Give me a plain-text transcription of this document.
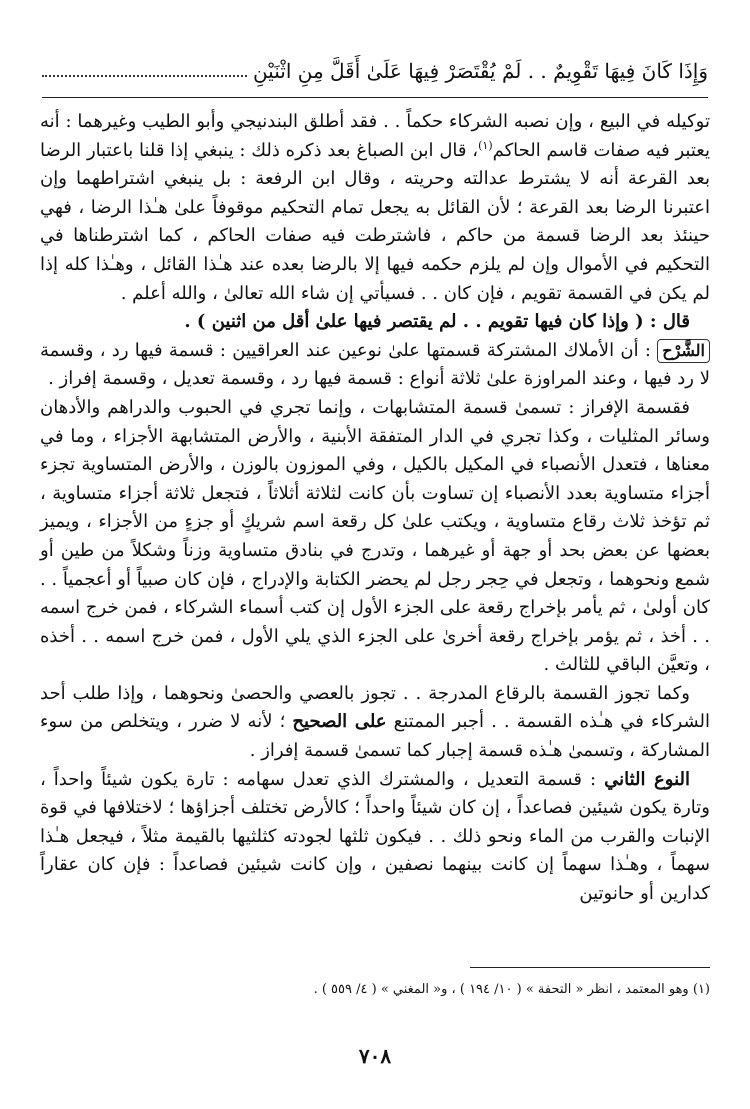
وَإِذَا كَانَ فِيهَا تَقْوِيمٌ . . لَمْ يُقْتَصَرْ فِيهَا عَلَىٰ أَقَلَّ مِنِ اثْنَيْنِ

توكيله في البيع ، وإن نصبه الشركاء حكماً . . فقد أطلق البندنيجي وأبو الطيب وغيرهما : أنه يعتبر فيه صفات قاسم الحاكم$^{(١)}$، قال ابن الصباغ بعد ذكره ذلك : ينبغي إذا قلنا باعتبار الرضا بعد القرعة أنه لا يشترط عدالته وحريته ، وقال ابن الرفعة : بل ينبغي اشتراطهما وإن اعتبرنا الرضا بعد القرعة ؛ لأن القائل به يجعل تمام التحكيم موقوفاً علىٰ هـٰذا الرضا ، فهي حينئذ بعد الرضا قسمة من حاكم ، فاشترطت فيه صفات الحاكم ، كما اشترطناها في التحكيم في الأموال وإن لم يلزم حكمه فيها إلا بالرضا بعده عند هـٰذا القائل ، وهـٰذا كله إذا لم يكن في القسمة تقويم ، فإن كان . . فسيأتي إن شاء الله تعالىٰ ، والله أعلم .

قال : ( وإذا كان فيها تقويم . . لم يقتصر فيها علىٰ أقل من اثنين ) .

الشَّرْح : أن الأملاك المشتركة قسمتها علىٰ نوعين عند العراقيين : قسمة فيها رد ، وقسمة لا رد فيها ، وعند المراوزة علىٰ ثلاثة أنواع : قسمة فيها رد ، وقسمة تعديل ، وقسمة إفراز .

فقسمة الإفراز : تسمىٰ قسمة المتشابهات ، وإنما تجري في الحبوب والدراهم والأدهان وسائر المثليات ، وكذا تجري في الدار المتفقة الأبنية ، والأرض المتشابهة الأجزاء ، وما في معناها ، فتعدل الأنصباء في المكيل بالكيل ، وفي الموزون بالوزن ، والأرض المتساوية تجزء أجزاء متساوية بعدد الأنصباء إن تساوت بأن كانت لثلاثة أثلاثاً ، فتجعل ثلاثة أجزاء متساوية ، ثم تؤخذ ثلاث رقاع متساوية ، ويكتب علىٰ كل رقعة اسم شريكٍ أو جزءٍ من الأجزاء ، ويميز بعضها عن بعض بحد أو جهة أو غيرهما ، وتدرج في بنادق متساوية وزناً وشكلاً من طين أو شمع ونحوهما ، وتجعل في حِجر رجل لم يحضر الكتابة والإدراج ، فإن كان صبياً أو أعجمياً . . كان أولىٰ ، ثم يأمر بإخراج رقعة على الجزء الأول إن كتب أسماء الشركاء ، فمن خرج اسمه . . أخذ ، ثم يؤمر بإخراج رقعة أخرىٰ على الجزء الذي يلي الأول ، فمن خرج اسمه . . أخذه ، وتعيَّن الباقي للثالث .

وكما تجوز القسمة بالرقاع المدرجة . . تجوز بالعصي والحصىٰ ونحوهما ، وإذا طلب أحد الشركاء في هـٰذه القسمة . . أجبر الممتنع على الصحيح ؛ لأنه لا ضرر ، ويتخلص من سوء المشاركة ، وتسمىٰ هـٰذه قسمة إجبار كما تسمىٰ قسمة إفراز .

النوع الثاني : قسمة التعديل ، والمشترك الذي تعدل سهامه : تارة يكون شيئاً واحداً ، وتارة يكون شيئين فصاعداً ، إن كان شيئاً واحداً ؛ كالأرض تختلف أجزاؤها ؛ لاختلافها في قوة الإنبات والقرب من الماء ونحو ذلك . . فيكون ثلثها لجودته كثلثيها بالقيمة مثلاً ، فيجعل هـٰذا سهماً ، وهـٰذا سهماً إن كانت بينهما نصفين ، وإن كانت شيئين فصاعداً : فإن كان عقاراً كدارين أو حانوتين

(١) وهو المعتمد ، انظر « التحفة » ( ١٠/ ١٩٤ ) ، و« المغني » ( ٤/ ٥٥٩ ) .
٧٠٨
